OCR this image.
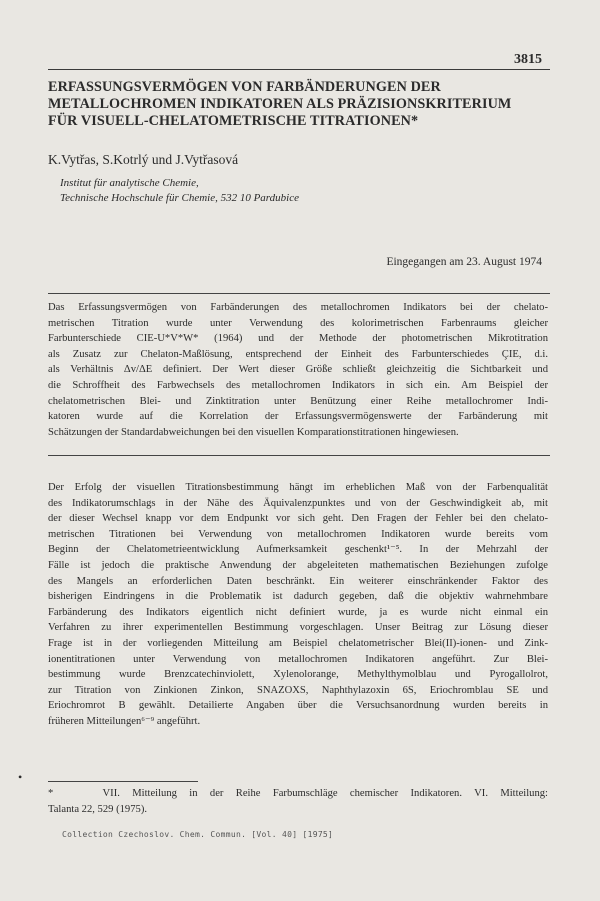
3815
ERFASSUNGSVERMÖGEN VON FARBÄNDERUNGEN DER
METALLOCHROMEN INDIKATOREN ALS PRÄZISIONSKRITERIUM
FÜR VISUELL-CHELATOMETRISCHE TITRATIONEN*
K.Vytřas, S.Kotrlý und J.Vytřasová
Institut für analytische Chemie,
Technische Hochschule für Chemie, 532 10 Pardubice
Eingegangen am 23. August 1974
Das Erfassungsvermögen von Farbänderungen des metallochromen Indikators bei der chelato-
metrischen Titration wurde unter Verwendung des kolorimetrischen Farbenraums gleicher
Farbunterschiede CIE-U*V*W* (1964) und der Methode der photometrischen Mikrotitration
als Zusatz zur Chelaton-Maßlösung, entsprechend der Einheit des Farbunterschiedes ÇIE, d.i.
als Verhältnis Δv/ΔE definiert. Der Wert dieser Größe schließt gleichzeitig die Sichtbarkeit und
die Schroffheit des Farbwechsels des metallochromen Indikators in sich ein. Am Beispiel der
chelatometrischen Blei- und Zinktitration unter Benützung einer Reihe metallochromer Indi-
katoren wurde auf die Korrelation der Erfassungsvermögenswerte der Farbänderung mit
Schätzungen der Standardabweichungen bei den visuellen Komparationstitrationen hingewiesen.
Der Erfolg der visuellen Titrationsbestimmung hängt im erheblichen Maß von der Farbenqualität
des Indikatorumschlags in der Nähe des Äquivalenzpunktes und von der Geschwindigkeit ab, mit
der dieser Wechsel knapp vor dem Endpunkt vor sich geht. Den Fragen der Fehler bei den chelato-
metrischen Titrationen bei Verwendung von metallochromen Indikatoren wurde bereits vom
Beginn der Chelatometrieentwicklung Aufmerksamkeit geschenkt¹⁻⁵. In der Mehrzahl der
Fälle ist jedoch die praktische Anwendung der abgeleiteten mathematischen Beziehungen zufolge
des Mangels an erforderlichen Daten beschränkt. Ein weiterer einschränkender Faktor des
bisherigen Eindringens in die Problematik ist dadurch gegeben, daß die objektiv wahrnehmbare
Farbänderung des Indikators eigentlich nicht definiert wurde, ja es wurde nicht einmal ein
Verfahren zu ihrer experimentellen Bestimmung vorgeschlagen. Unser Beitrag zur Lösung dieser
Frage ist in der vorliegenden Mitteilung am Beispiel chelatometrischer Blei(II)-ionen- und Zink-
ionentitrationen unter Verwendung von metallochromen Indikatoren angeführt. Zur Blei-
bestimmung wurde Brenzcatechinviolett, Xylenolorange, Methylthymolblau und Pyrogallolrot,
zur Titration von Zinkionen Zinkon, SNAZOXS, Naphthylazoxin 6S, Eriochromblau SE und
Eriochromrot B gewählt. Detailierte Angaben über die Versuchsanordnung wurden bereits in
früheren Mitteilungen⁶⁻⁹ angeführt.
•
*    VII. Mitteilung in der Reihe Farbumschläge chemischer Indikatoren. VI. Mitteilung:
Talanta 22, 529 (1975).
Collection Czechoslov. Chem. Commun. [Vol. 40] [1975]
